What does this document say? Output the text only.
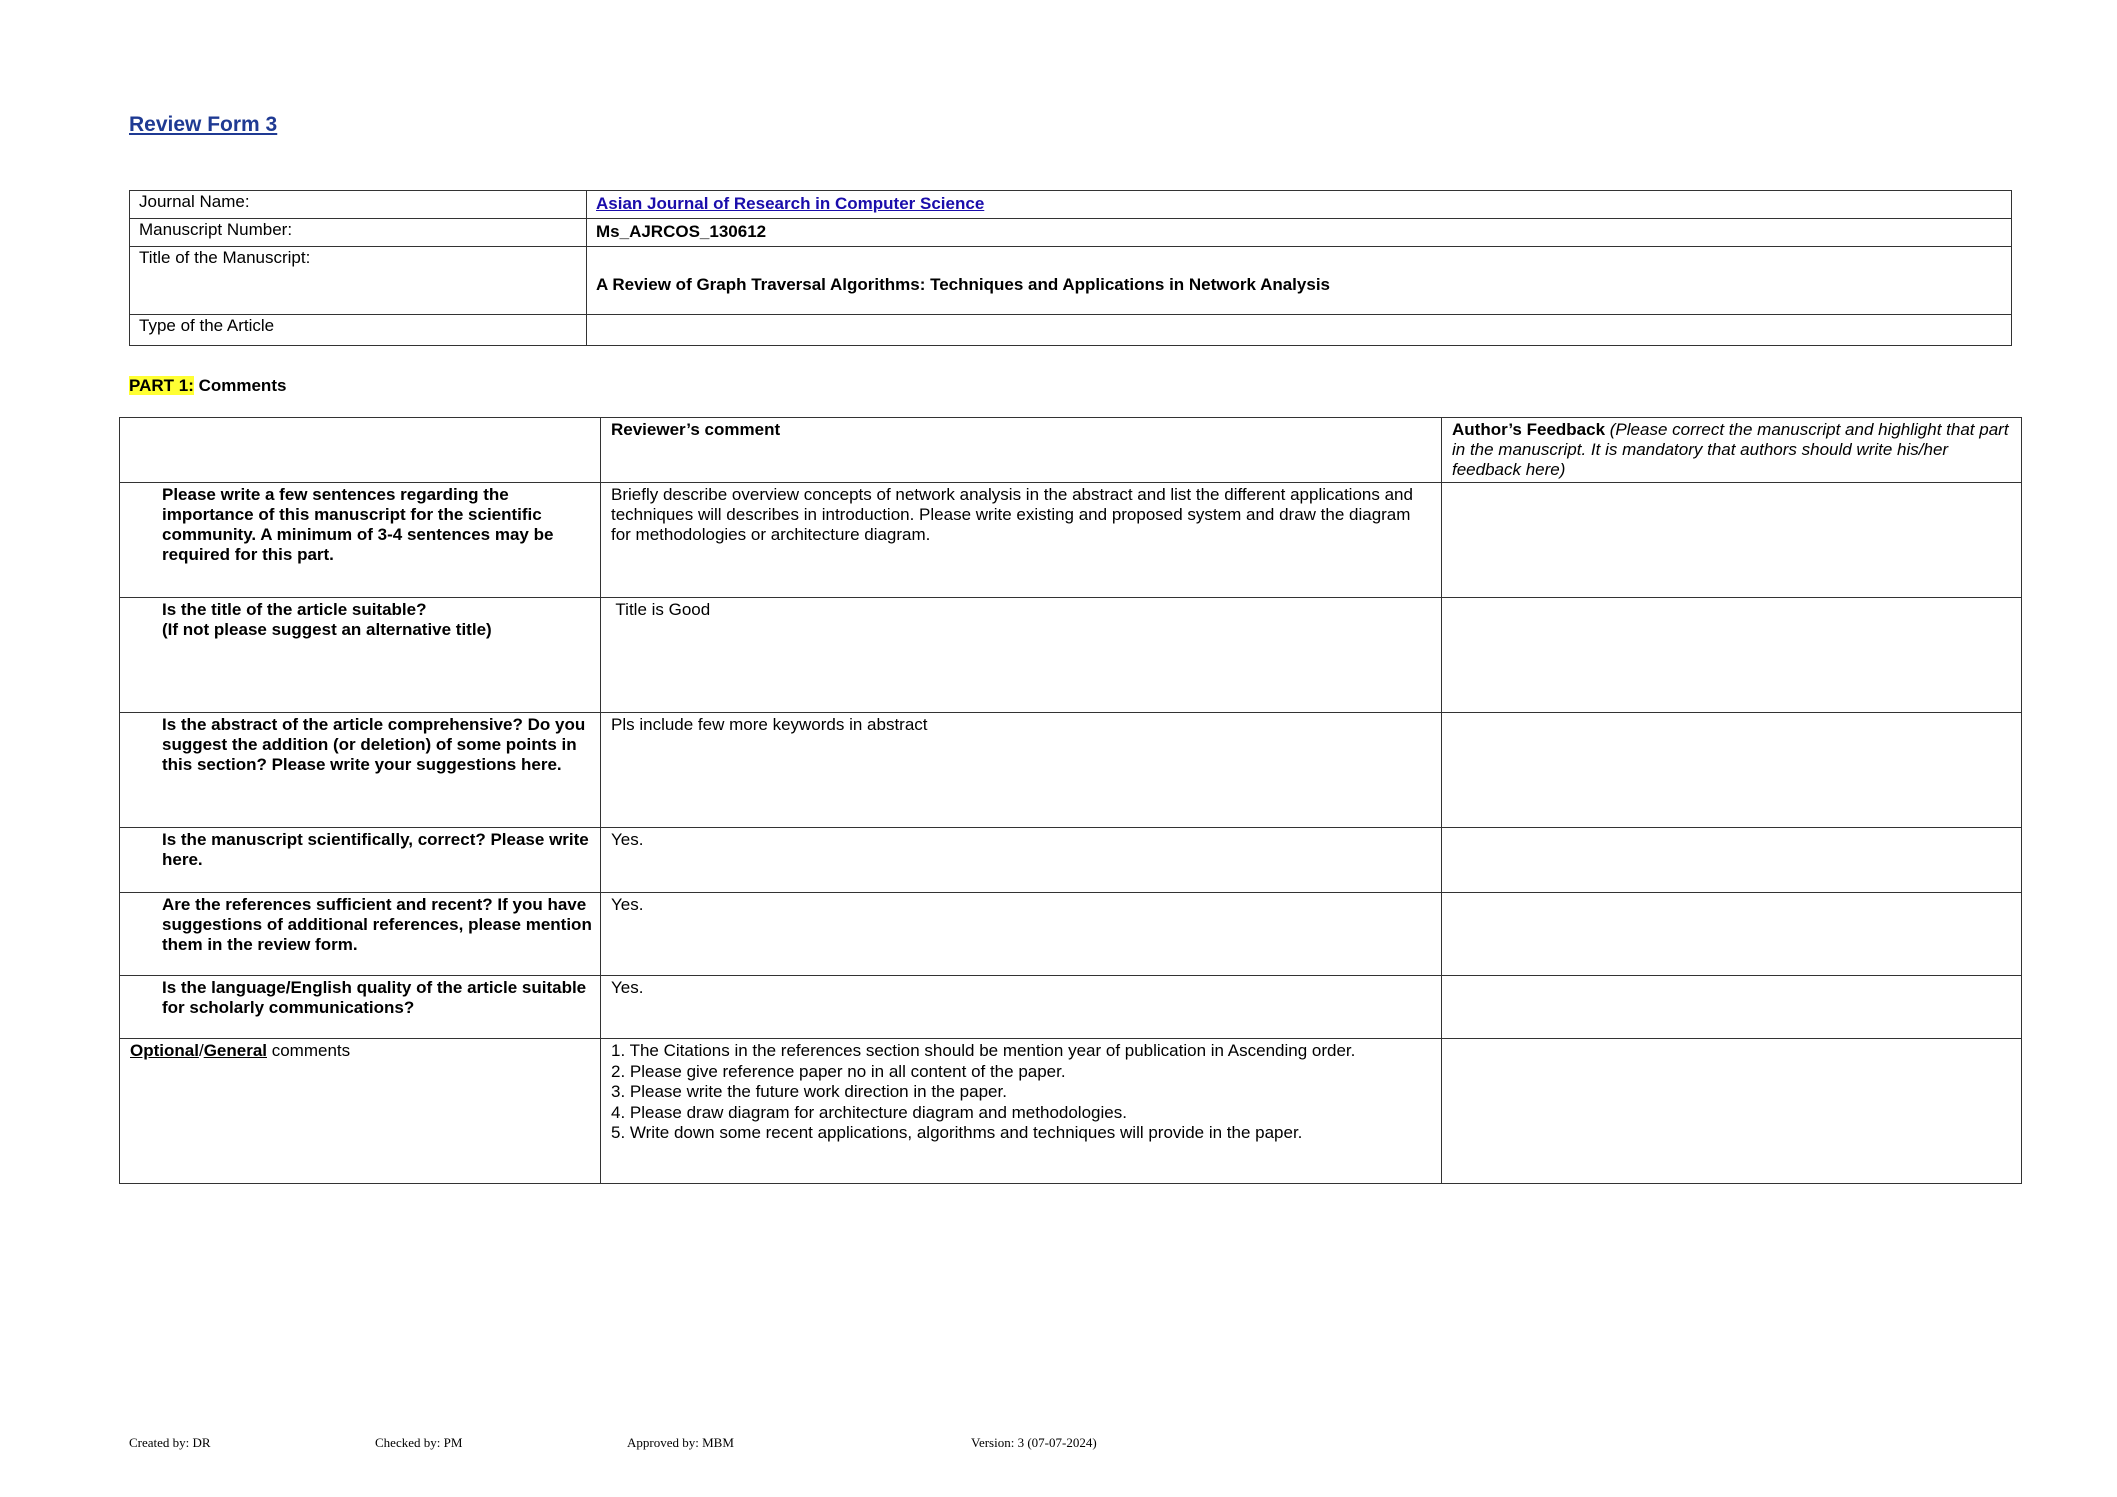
Review Form 3
Journal Name:	Asian Journal of Research in Computer Science
Manuscript Number:	Ms_AJRCOS_130612
Title of the Manuscript:	A Review of Graph Traversal Algorithms: Techniques and Applications in Network Analysis
Type of the Article	
PART 1: Comments
	Reviewer’s comment	Author’s Feedback (Please correct the manuscript and highlight that part in the manuscript. It is mandatory that authors should write his/her feedback here)
Please write a few sentences regarding the importance of this manuscript for the scientific community. A minimum of 3-4 sentences may be required for this part.	Briefly describe overview concepts of network analysis in the abstract and list the different applications and techniques will describes in introduction. Please write existing and proposed system and draw the diagram for methodologies or architecture diagram.	
Is the title of the article suitable?
(If not please suggest an alternative title)	Title is Good	
Is the abstract of the article comprehensive? Do you suggest the addition (or deletion) of some points in this section? Please write your suggestions here.	Pls include few more keywords in abstract	
Is the manuscript scientifically, correct? Please write here.	Yes.	
Are the references sufficient and recent? If you have suggestions of additional references, please mention them in the review form.	Yes.	
Is the language/English quality of the article suitable for scholarly communications?	Yes.	
Optional/General comments	1. The Citations in the references section should be mention year of publication in Ascending order.
2. Please give reference paper no in all content of the paper.
3. Please write the future work direction in the paper.
4. Please draw diagram for architecture diagram and methodologies.
5. Write down some recent applications, algorithms and techniques will provide in the paper.	

Created by: DR	Checked by: PM	Approved by: MBM	Version: 3 (07-07-2024)
